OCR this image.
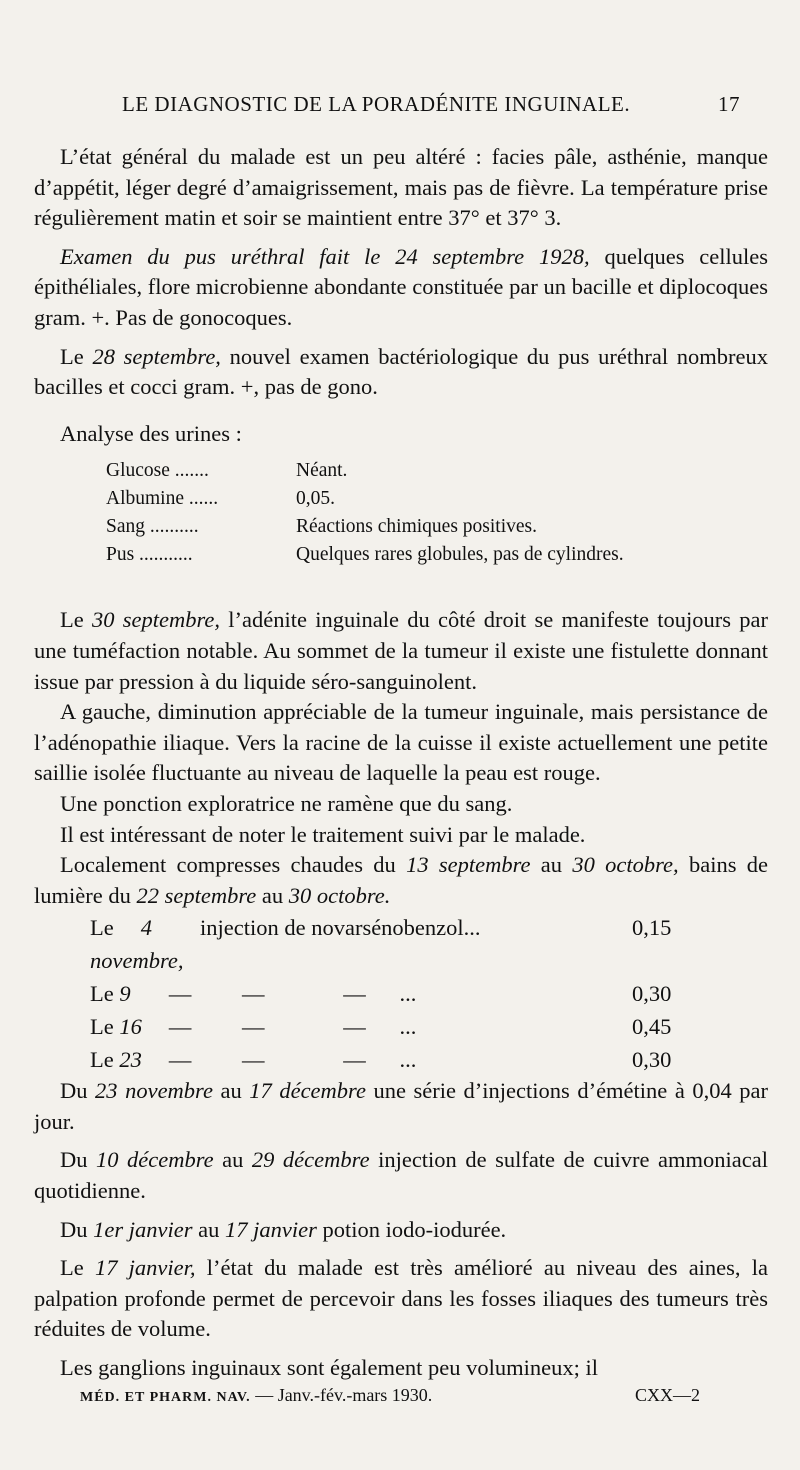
LE DIAGNOSTIC DE LA PORADÉNITE INGUINALE.	17

L’état général du malade est un peu altéré : facies pâle, asthénie, manque d’appétit, léger degré d’amaigrissement, mais pas de fièvre. La température prise régulièrement matin et soir se maintient entre 37° et 37° 3.

Examen du pus uréthral fait le 24 septembre 1928, quelques cellules épithéliales, flore microbienne abondante constituée par un bacille et diplocoques gram. +. Pas de gonocoques.

Le 28 septembre, nouvel examen bactériologique du pus uréthral nombreux bacilles et cocci gram. +, pas de gono.

Analyse des urines :
Glucose .......	Néant.
Albumine ......	0,05.
Sang ..........	Réactions chimiques positives.
Pus ...........	Quelques rares globules, pas de cylindres.

Le 30 septembre, l’adénite inguinale du côté droit se manifeste toujours par une tuméfaction notable. Au sommet de la tumeur il existe une fistulette donnant issue par pression à du liquide séro-sanguinolent.

A gauche, diminution appréciable de la tumeur inguinale, mais persistance de l’adénopathie iliaque. Vers la racine de la cuisse il existe actuellement une petite saillie isolée fluctuante au niveau de laquelle la peau est rouge.

Une ponction exploratrice ne ramène que du sang.

Il est intéressant de noter le traitement suivi par le malade.

Localement compresses chaudes du 13 septembre au 30 octobre, bains de lumière du 22 septembre au 30 octobre.

Le 4 novembre,
injection de novarsénobenzol...	0,15
Le 9 —         —              —      ...	0,30
Le 16 —         —              —      ...	0,45
Le 23 —         —              —      ...	0,30

Du 23 novembre au 17 décembre une série d’injections d’émétine à 0,04 par jour.

Du 10 décembre au 29 décembre injection de sulfate de cuivre ammoniacal quotidienne.

Du 1er janvier au 17 janvier potion iodo-iodurée.

Le 17 janvier, l’état du malade est très amélioré au niveau des aines, la palpation profonde permet de percevoir dans les fosses iliaques des tumeurs très réduites de volume.

Les ganglions inguinaux sont également peu volumineux; il

MÉD. ET PHARM. NAV. — Janv.-fév.-mars 1930.	CXX—2
